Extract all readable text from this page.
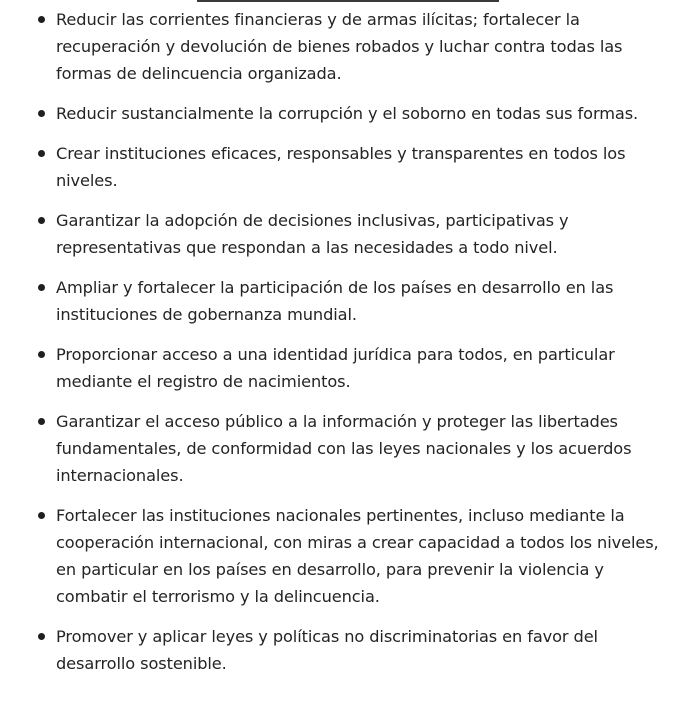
Reducir las corrientes financieras y de armas ilícitas; fortalecer la recuperación y devolución de bienes robados y luchar contra todas las formas de delincuencia organizada.
Reducir sustancialmente la corrupción y el soborno en todas sus formas.
Crear instituciones eficaces, responsables y transparentes en todos los niveles.
Garantizar la adopción de decisiones inclusivas, participativas y representativas que respondan a las necesidades a todo nivel.
Ampliar y fortalecer la participación de los países en desarrollo en las instituciones de gobernanza mundial.
Proporcionar acceso a una identidad jurídica para todos, en particular mediante el registro de nacimientos.
Garantizar el acceso público a la información y proteger las libertades fundamentales, de conformidad con las leyes nacionales y los acuerdos internacionales.
Fortalecer las instituciones nacionales pertinentes, incluso mediante la cooperación internacional, con miras a crear capacidad a todos los niveles, en particular en los países en desarrollo, para prevenir la violencia y combatir el terrorismo y la delincuencia.
Promover y aplicar leyes y políticas no discriminatorias en favor del desarrollo sostenible.
